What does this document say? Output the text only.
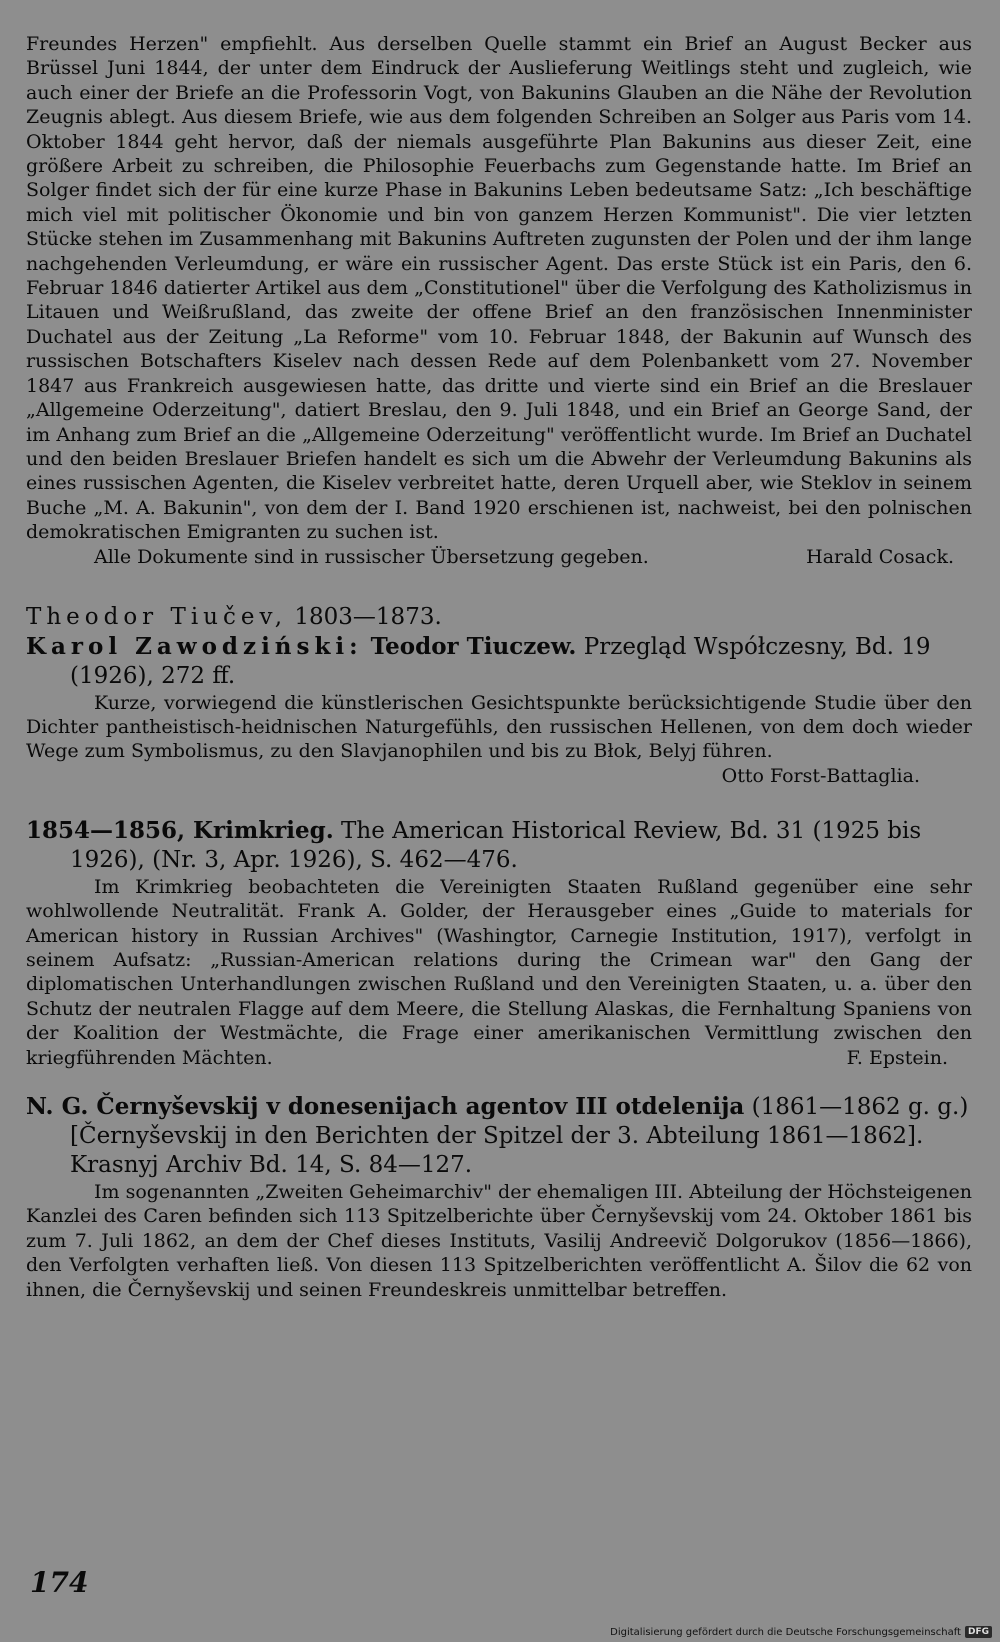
Freundes Herzen" empfiehlt. Aus derselben Quelle stammt ein Brief an August Becker aus Brüssel Juni 1844, der unter dem Eindruck der Auslieferung Weitlings steht und zugleich, wie auch einer der Briefe an die Professorin Vogt, von Bakunins Glauben an die Nähe der Revolution Zeugnis ablegt. Aus diesem Briefe, wie aus dem folgenden Schreiben an Solger aus Paris vom 14. Oktober 1844 geht hervor, daß der niemals ausgeführte Plan Bakunins aus dieser Zeit, eine größere Arbeit zu schreiben, die Philosophie Feuerbachs zum Gegenstande hatte. Im Brief an Solger findet sich der für eine kurze Phase in Bakunins Leben bedeutsame Satz: „Ich beschäftige mich viel mit politischer Ökonomie und bin von ganzem Herzen Kommunist". Die vier letzten Stücke stehen im Zusammenhang mit Bakunins Auftreten zugunsten der Polen und der ihm lange nachgehenden Verleumdung, er wäre ein russischer Agent. Das erste Stück ist ein Paris, den 6. Februar 1846 datierter Artikel aus dem „Constitutionel" über die Verfolgung des Katholizismus in Litauen und Weißrußland, das zweite der offene Brief an den französischen Innenminister Duchatel aus der Zeitung „La Reforme" vom 10. Februar 1848, der Bakunin auf Wunsch des russischen Botschafters Kiselev nach dessen Rede auf dem Polenbankett vom 27. November 1847 aus Frankreich ausgewiesen hatte, das dritte und vierte sind ein Brief an die Breslauer „Allgemeine Oderzeitung", datiert Breslau, den 9. Juli 1848, und ein Brief an George Sand, der im Anhang zum Brief an die „Allgemeine Oderzeitung" veröffentlicht wurde. Im Brief an Duchatel und den beiden Breslauer Briefen handelt es sich um die Abwehr der Verleumdung Bakunins als eines russischen Agenten, die Kiselev verbreitet hatte, deren Urquell aber, wie Steklov in seinem Buche „M. A. Bakunin", von dem der I. Band 1920 erschienen ist, nachweist, bei den polnischen demokratischen Emigranten zu suchen ist.

Alle Dokumente sind in russischer Übersetzung gegeben.	Harald Cosack.

Theodor Tiučev, 1803—1873.

Karol Zawodziński: Teodor Tiuczew. Przegląd Współczesny, Bd. 19 (1926), 272 ff.

Kurze, vorwiegend die künstlerischen Gesichtspunkte berücksichtigende Studie über den Dichter pantheistisch-heidnischen Naturgefühls, den russischen Hellenen, von dem doch wieder Wege zum Symbolismus, zu den Slavjanophilen und bis zu Błok, Belyj führen.

Otto Forst-Battaglia.

1854—1856, Krimkrieg. The American Historical Review, Bd. 31 (1925 bis 1926), (Nr. 3, Apr. 1926), S. 462—476.

Im Krimkrieg beobachteten die Vereinigten Staaten Rußland gegenüber eine sehr wohlwollende Neutralität. Frank A. Golder, der Herausgeber eines „Guide to materials for American history in Russian Archives" (Washingtor, Carnegie Institution, 1917), verfolgt in seinem Aufsatz: „Russian-American relations during the Crimean war" den Gang der diplomatischen Unterhandlungen zwischen Rußland und den Vereinigten Staaten, u. a. über den Schutz der neutralen Flagge auf dem Meere, die Stellung Alaskas, die Fernhaltung Spaniens von der Koalition der Westmächte, die Frage einer amerikanischen Vermittlung zwischen den kriegführenden Mächten.	F. Epstein.

N. G. Černyševskij v donesenijach agentov III otdelenija (1861—1862 g. g.) [Černyševskij in den Berichten der Spitzel der 3. Abteilung 1861—1862]. Krasnyj Archiv Bd. 14, S. 84—127.

Im sogenannten „Zweiten Geheimarchiv" der ehemaligen III. Abteilung der Höchsteigenen Kanzlei des Caren befinden sich 113 Spitzelberichte über Černyševskij vom 24. Oktober 1861 bis zum 7. Juli 1862, an dem der Chef dieses Instituts, Vasilij Andreevič Dolgorukov (1856—1866), den Verfolgten verhaften ließ. Von diesen 113 Spitzelberichten veröffentlicht A. Šilov die 62 von ihnen, die Černyševskij und seinen Freundeskreis unmittelbar betreffen.

174
Digitalisierung gefördert durch die Deutsche Forschungsgemeinschaft DFG
